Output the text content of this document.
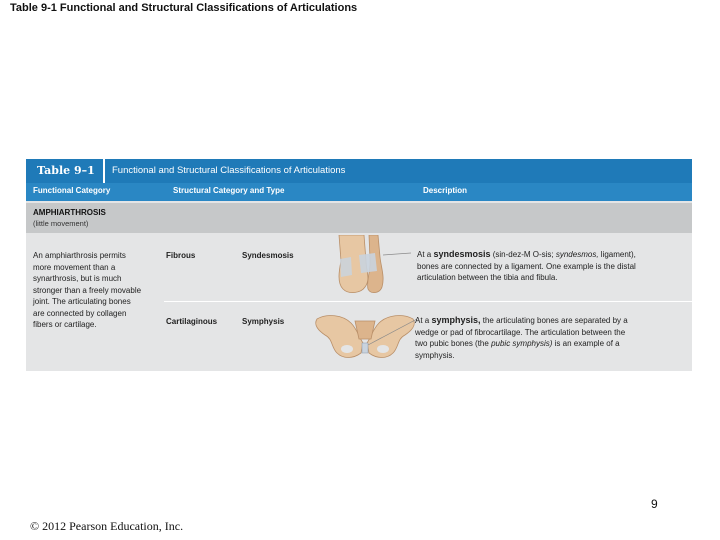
Table 9-1 Functional and Structural Classifications of Articulations
Table 9–1 Functional and Structural Classifications of Articulations
Functional Category	Structural Category and Type	Description
AMPHIARTHROSIS
(little movement)
An amphiarthrosis permits
more movement than a
synarthrosis, but is much
stronger than a freely movable
joint. The articulating bones
are connected by collagen
fibers or cartilage.
Fibrous	Syndesmosis	At a syndesmosis (sin-dez-M O-sis; syndesmos, ligament),
bones are connected by a ligament. One example is the distal
articulation between the tibia and fibula.
Cartilaginous	Symphysis	At a symphysis, the articulating bones are separated by a
wedge or pad of fibrocartilage. The articulation between the
two pubic bones (the pubic symphysis) is an example of a
symphysis.
9
© 2012 Pearson Education, Inc.
